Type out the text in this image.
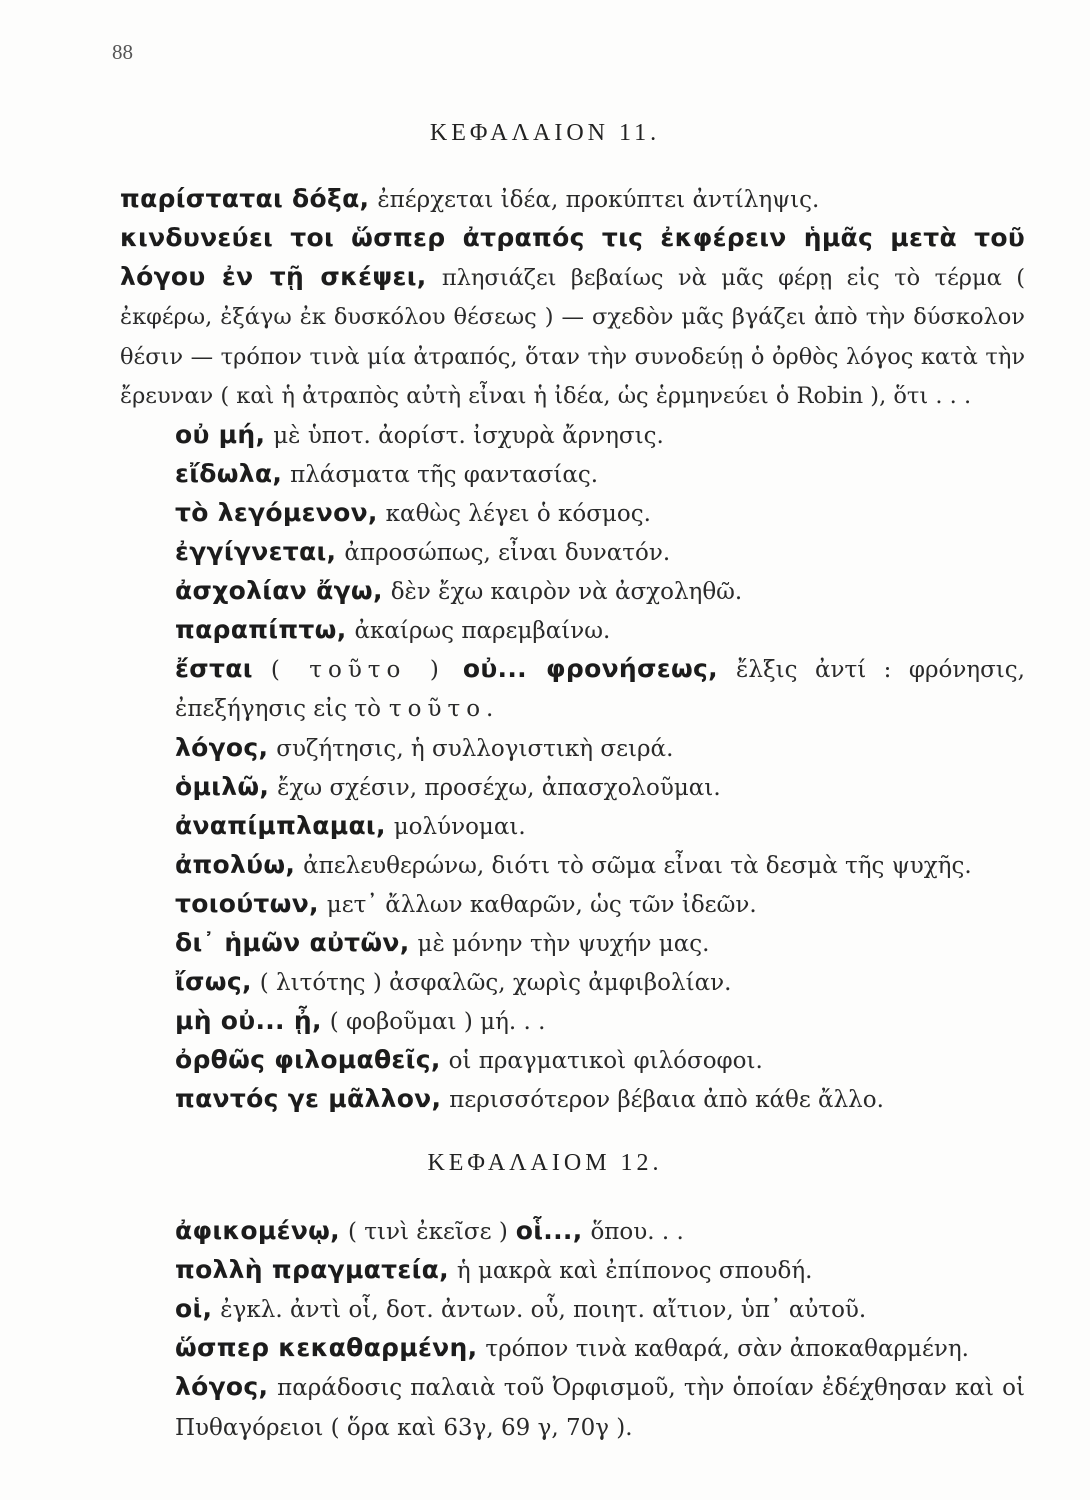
88
ΚΕΦΑΛΑΙΟΝ 11.

παρίσταται δόξα, ἐπέρχεται ἰδέα, προκύπτει ἀντίληψις.

κινδυνεύει τοι ὥσπερ ἀτραπός τις ἐκφέρειν ἡμᾶς μετὰ τοῦ λόγου ἐν τῇ σκέψει, πλησιάζει βεβαίως νὰ μᾶς φέρῃ εἰς τὸ τέρμα ( ἐκφέρω, ἐξάγω ἐκ δυσκόλου θέσεως ) — σχεδὸν μᾶς βγάζει ἀπὸ τὴν δύσκολον θέσιν — τρόπον τινὰ μία ἀτραπός, ὅταν τὴν συνοδεύῃ ὁ ὀρθὸς λόγος κατὰ τὴν ἔρευναν ( καὶ ἡ ἀτραπὸς αὐτὴ εἶναι ἡ ἰδέα, ὡς ἑρμηνεύει ὁ Robin ), ὅτι . . .

οὐ μή, μὲ ὑποτ. ἀορίστ. ἰσχυρὰ ἄρνησις.

εἴδωλα, πλάσματα τῆς φαντασίας.

τὸ λεγόμενον, καθὼς λέγει ὁ κόσμος.

ἐγγίγνεται, ἀπροσώπως, εἶναι δυνατόν.

ἀσχολίαν ἄγω, δὲν ἔχω καιρὸν νὰ ἀσχοληθῶ.

παραπίπτω, ἀκαίρως παρεμβαίνω.

ἔσται ( τοῦτο ) οὐ... φρονήσεως, ἔλξις ἀντί : φρόνησις, ἐπεξήγησις εἰς τὸ τοῦτο.

λόγος, συζήτησις, ἡ συλλογιστικὴ σειρά.

ὁμιλῶ, ἔχω σχέσιν, προσέχω, ἀπασχολοῦμαι.

ἀναπίμπλαμαι, μολύνομαι.

ἀπολύω, ἀπελευθερώνω, διότι τὸ σῶμα εἶναι τὰ δεσμὰ τῆς ψυχῆς.

τοιούτων, μετ᾽ ἄλλων καθαρῶν, ὡς τῶν ἰδεῶν.

δι᾽ ἡμῶν αὐτῶν, μὲ μόνην τὴν ψυχήν μας.

ἴσως, ( λιτότης ) ἀσφαλῶς, χωρὶς ἀμφιβολίαν.

μὴ οὐ... ᾖ, ( φοβοῦμαι ) μή. . .

ὀρθῶς φιλομαθεῖς, οἱ πραγματικοὶ φιλόσοφοι.

παντός γε μᾶλλον, περισσότερον βέβαια ἀπὸ κάθε ἄλλο.

ΚΕΦΑΛΑΙΟΜ 12.

ἀφικομένῳ, ( τινὶ ἐκεῖσε ) οἷ..., ὅπου. . .

πολλὴ πραγματεία, ἡ μακρὰ καὶ ἐπίπονος σπουδή.

οἱ, ἐγκλ. ἀντὶ οἷ, δοτ. ἀντων. οὗ, ποιητ. αἴτιον, ὑπ᾽ αὐτοῦ.

ὥσπερ κεκαθαρμένη, τρόπον τινὰ καθαρά, σὰν ἀποκαθαρμένη.

λόγος, παράδοσις παλαιὰ τοῦ Ὀρφισμοῦ, τὴν ὁποίαν ἐδέχθησαν καὶ οἱ Πυθαγόρειοι ( ὅρα καὶ 63γ, 69 γ, 70γ ).
